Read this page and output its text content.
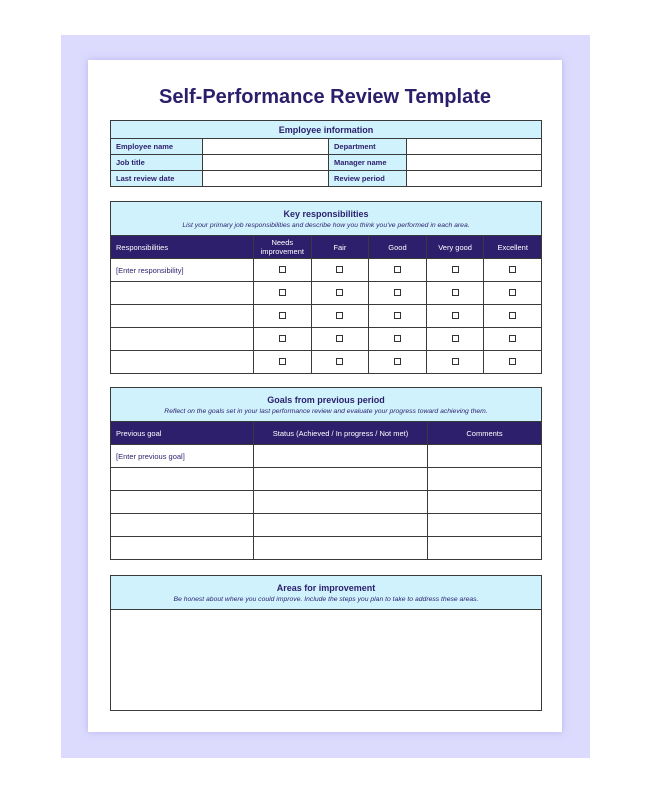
Self-Performance Review Template
Employee information			
Employee name		Department	
Job title		Manager name	
Last review date		Review period	
Key responsibilities
List your primary job responsibilities and describe how you think you've performed in each area.					

Responsibilities	Needs improvement	Fair	Good	Very good	Excellent
[Enter responsibility]					

Goals from previous period
Reflect on the goals set in your last performance review and evaluate your progress toward achieving them.		

Previous goal	Status (Achieved / In progress / Not met)	Comments
[Enter previous goal]		

Areas for improvement
Be honest about where you could improve. Include the steps you plan to take to address these areas.
